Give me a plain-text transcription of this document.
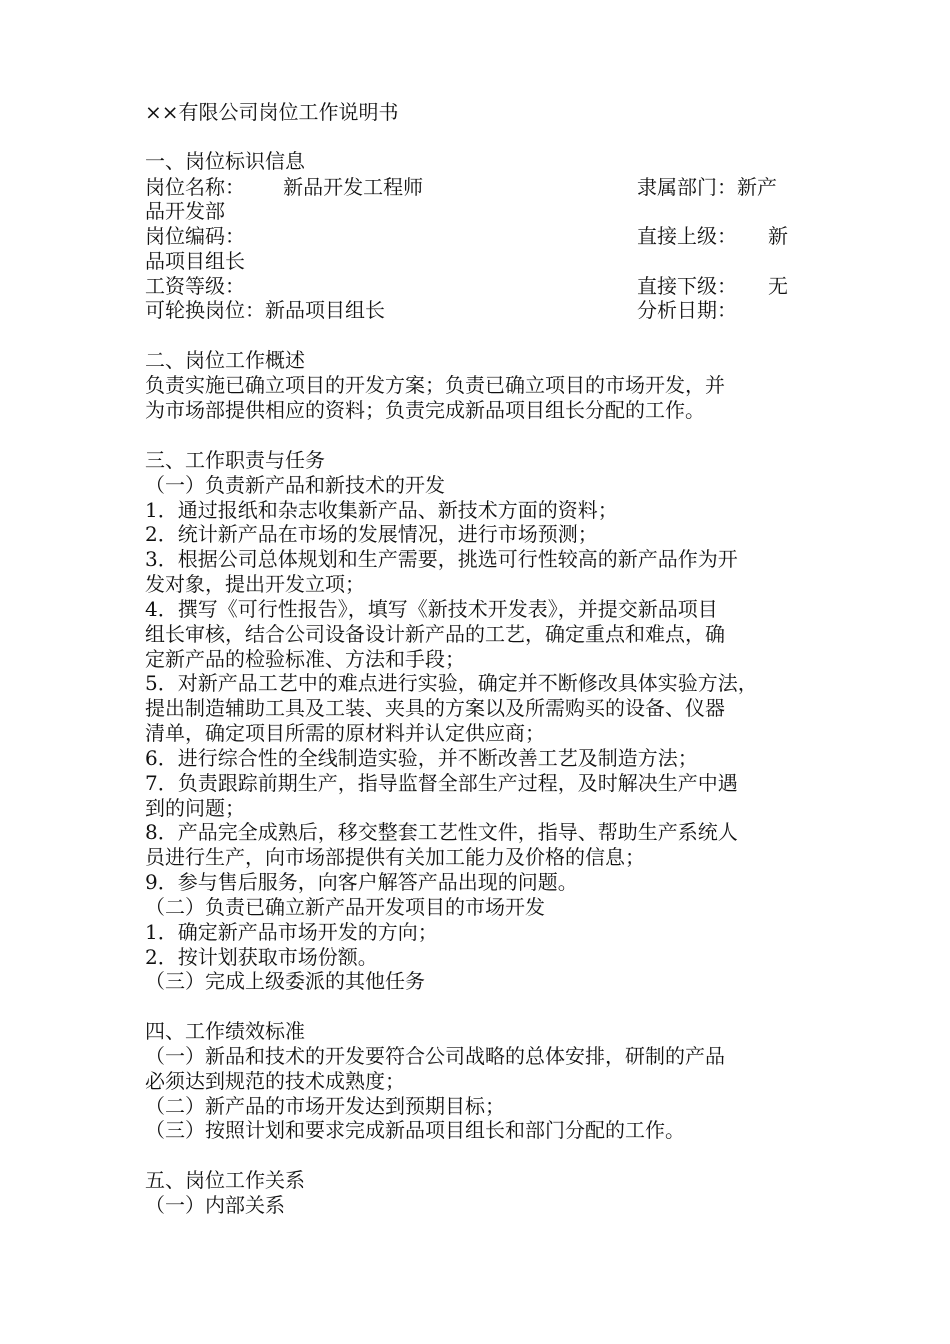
××有限公司岗位工作说明书
一、岗位标识信息
岗位名称：      新品开发工程师	隶属部门：新产
品开发部
岗位编码：	直接上级： 新
品项目组长
工资等级：	直接下级： 无
可轮换岗位：新品项目组长	分析日期：
二、岗位工作概述
负责实施已确立项目的开发方案；负责已确立项目的市场开发，并
为市场部提供相应的资料；负责完成新品项目组长分配的工作。
三、工作职责与任务
（一）负责新产品和新技术的开发
1．通过报纸和杂志收集新产品、新技术方面的资料；
2．统计新产品在市场的发展情况，进行市场预测；
3．根据公司总体规划和生产需要，挑选可行性较高的新产品作为开
发对象，提出开发立项；
4．撰写《可行性报告》，填写《新技术开发表》，并提交新品项目
组长审核，结合公司设备设计新产品的工艺，确定重点和难点，确
定新产品的检验标准、方法和手段；
5．对新产品工艺中的难点进行实验，确定并不断修改具体实验方法，
提出制造辅助工具及工装、夹具的方案以及所需购买的设备、仪器
清单，确定项目所需的原材料并认定供应商；
6．进行综合性的全线制造实验，并不断改善工艺及制造方法；
7．负责跟踪前期生产，指导监督全部生产过程，及时解决生产中遇
到的问题；
8．产品完全成熟后，移交整套工艺性文件，指导、帮助生产系统人
员进行生产，向市场部提供有关加工能力及价格的信息；
9．参与售后服务，向客户解答产品出现的问题。
（二）负责已确立新产品开发项目的市场开发
1．确定新产品市场开发的方向；
2．按计划获取市场份额。
（三）完成上级委派的其他任务
四、工作绩效标准
（一）新品和技术的开发要符合公司战略的总体安排，研制的产品
必须达到规范的技术成熟度；
（二）新产品的市场开发达到预期目标；
（三）按照计划和要求完成新品项目组长和部门分配的工作。
五、岗位工作关系
（一）内部关系
